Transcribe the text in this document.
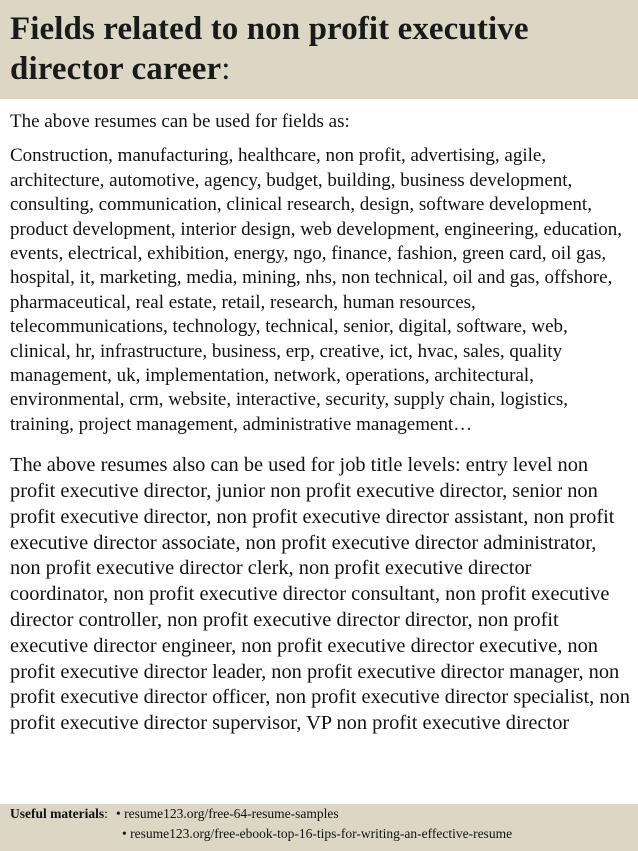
Fields related to non profit executive
director career:

The above resumes can be used for fields as:

Construction, manufacturing, healthcare, non profit, advertising, agile, architecture, automotive, agency, budget, building, business development, consulting, communication, clinical research, design, software development, product development, interior design, web development, engineering, education, events, electrical, exhibition, energy, ngo, finance, fashion, green card, oil gas, hospital, it, marketing, media, mining, nhs, non technical, oil and gas, offshore, pharmaceutical, real estate, retail, research, human resources, telecommunications, technology, technical, senior, digital, software, web, clinical, hr, infrastructure, business, erp, creative, ict, hvac, sales, quality management, uk, implementation, network, operations, architectural, environmental, crm, website, interactive, security, supply chain, logistics, training, project management, administrative management…

The above resumes also can be used for job title levels: entry level non profit executive director, junior non profit executive director, senior non profit executive director, non profit executive director assistant, non profit executive director associate, non profit executive director administrator, non profit executive director clerk, non profit executive director coordinator, non profit executive director consultant, non profit executive director controller, non profit executive director director, non profit executive director engineer, non profit executive director executive, non profit executive director leader, non profit executive director manager, non profit executive director officer, non profit executive director specialist, non profit executive director supervisor, VP non profit executive director

Useful materials: • resume123.org/free-64-resume-samples
• resume123.org/free-ebook-top-16-tips-for-writing-an-effective-resume
